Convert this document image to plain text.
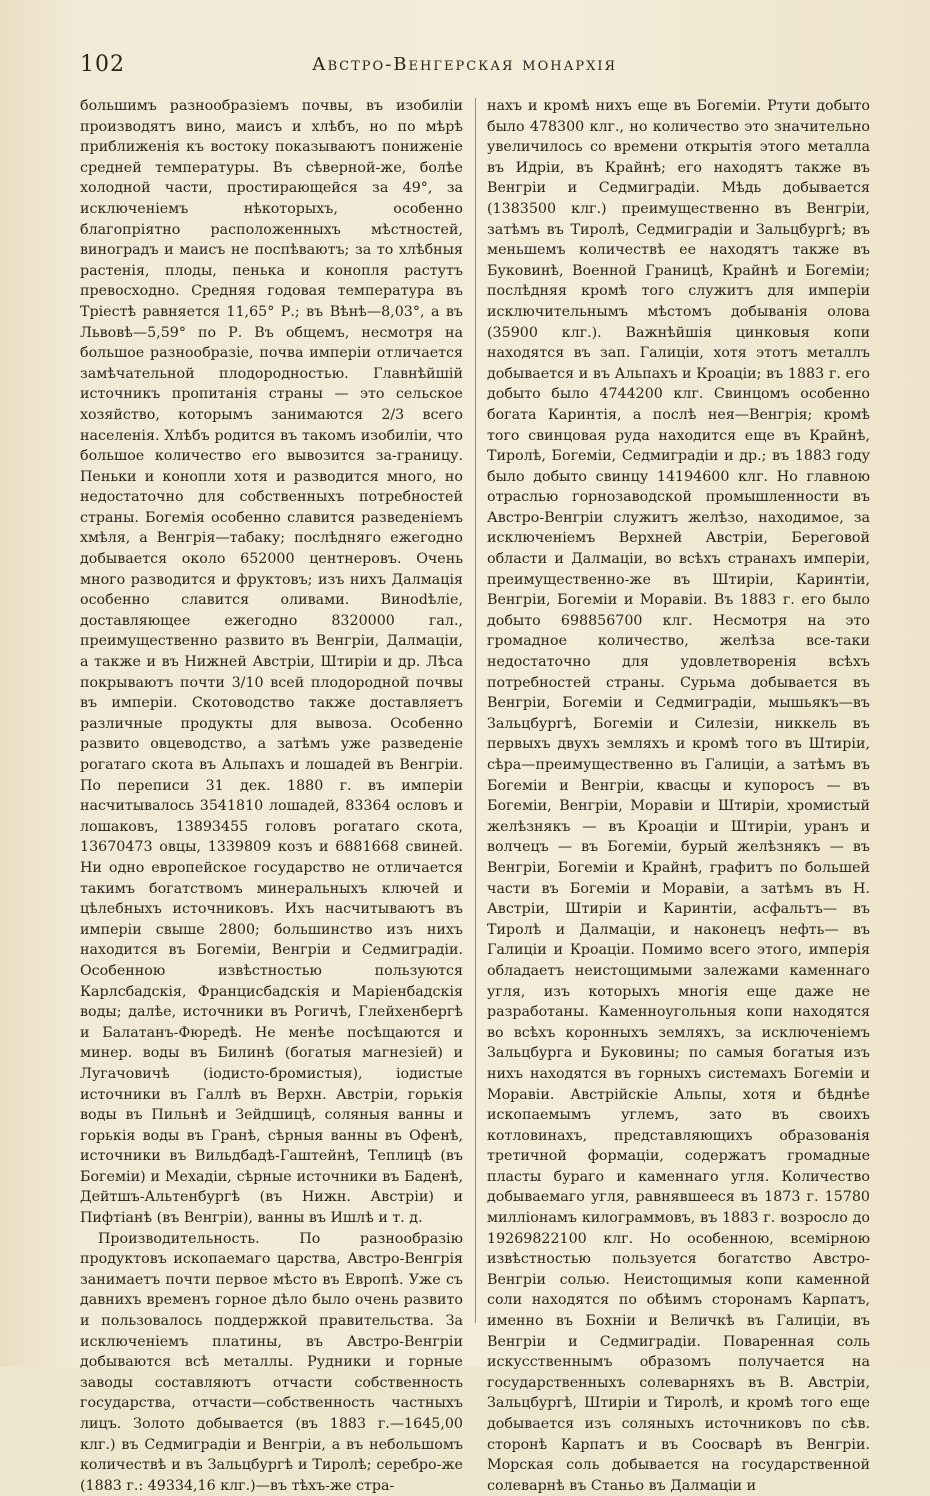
102	Австро-Венгерская монархія

большимъ разнообразіемъ почвы, въ изобиліи производятъ вино, маисъ и хлѣбъ, но по мѣрѣ приближенія къ востоку показываютъ пониженіе средней температуры. Въ сѣверной-же, болѣе холодной части, простирающейся за 49°, за исключеніемъ нѣкоторыхъ, особенно благопріятно расположенныхъ мѣстностей, виноградъ и маисъ не поспѣваютъ; за то хлѣбныя растенія, плоды, пенька и конопля растутъ превосходно. Средняя годовая температура въ Тріестѣ равняется 11,65° Р.; въ Вѣнѣ—8,03°, а въ Львовѣ—5,59° по Р. Въ общемъ, несмотря на большое разнообразіе, почва имперіи отличается замѣчательной плодородностью. Главнѣйшій источникъ пропитанія страны — это сельское хозяйство, которымъ занимаются 2/3 всего населенія. Хлѣбъ родится въ такомъ изобиліи, что большое количество его вывозится за-границу. Пеньки и конопли хотя и разводится много, но недостаточно для собственныхъ потребностей страны. Богемія особенно славится разведеніемъ хмѣля, а Венгрія—табаку; послѣдняго ежегодно добывается около 652000 центнеровъ. Очень много разводится и фруктовъ; изъ нихъ Далмація особенно славится оливами. Виноdѣліе, доставляющее ежегодно 8320000 гал., преимущественно развито въ Венгріи, Далмаціи, а также и въ Нижней Австріи, Штиріи и др. Лѣса покрываютъ почти 3/10 всей плодородной почвы въ имперіи. Скотоводство также доставляетъ различные продукты для вывоза. Особенно развито овцеводство, а затѣмъ уже разведеніе рогатаго скота въ Альпахъ и лошадей въ Венгріи. По переписи 31 дек. 1880 г. въ имперіи насчитывалось 3541810 лошадей, 83364 ословъ и лошаковъ, 13893455 головъ рогатаго скота, 13670473 овцы, 1339809 козъ и 6881668 свиней. Ни одно европейское государство не отличается такимъ богатствомъ минеральныхъ ключей и цѣлебныхъ источниковъ. Ихъ насчитываютъ въ имперіи свыше 2800; большинство изъ нихъ находится въ Богеміи, Венгріи и Седмиградіи. Особенною извѣстностью пользуются Карлсбадскія, Францисбадскія и Маріенбадскія воды; далѣе, источники въ Рогичѣ, Глейхенбергѣ и Балатанъ-Фюредѣ. Не менѣе посѣщаются и минер. воды въ Билинѣ (богатыя магнезіей) и Лугачовичѣ (іодисто-бромистыя), іодистые источники въ Галлѣ въ Верхн. Австріи, горькія воды въ Пильнѣ и Зейдшицѣ, соляныя ванны и горькія воды въ Гранѣ, сѣрныя ванны въ Офенѣ, источники въ Вильдбадѣ-Гаштейнѣ, Теплицѣ (въ Богеміи) и Мехадіи, сѣрные источники въ Баденѣ, Дейтшъ-Альтенбургѣ (въ Нижн. Австріи) и Пифтіанѣ (въ Венгріи), ванны въ Ишлѣ и т. д.

Производительность. По разнообразію продуктовъ ископаемаго царства, Австро-Венгрія занимаетъ почти первое мѣсто въ Европѣ. Уже съ давнихъ временъ горное дѣло было очень развито и пользовалось поддержкой правительства. За исключеніемъ платины, въ Австро-Венгріи добываются всѣ металлы. Рудники и горные заводы составляютъ отчасти собственность государства, отчасти—собственность частныхъ лицъ. Золото добывается (въ 1883 г.—1645,00 клг.) въ Седмиградіи и Венгріи, а въ небольшомъ количествѣ и въ Зальцбургѣ и Тиролѣ; серебро-же (1883 г.: 49334,16 клг.)—въ тѣхъ-же стра-

нахъ и кромѣ нихъ еще въ Богеміи. Ртути добыто было 478300 клг., но количество это значительно увеличилось со времени открытія этого металла въ Идріи, въ Крайнѣ; его находятъ также въ Венгріи и Седмиградіи. Мѣдь добывается (1383500 клг.) преимущественно въ Венгріи, затѣмъ въ Тиролѣ, Седмиградіи и Зальцбургѣ; въ меньшемъ количествѣ ее находятъ также въ Буковинѣ, Военной Границѣ, Крайнѣ и Богеміи; послѣдняя кромѣ того служитъ для имперіи исключительнымъ мѣстомъ добыванія олова (35900 клг.). Важнѣйшія цинковыя копи находятся въ зап. Галиціи, хотя этотъ металлъ добывается и въ Альпахъ и Кроаціи; въ 1883 г. его добыто было 4744200 клг. Свинцомъ особенно богата Каринтія, а послѣ нея—Венгрія; кромѣ того свинцовая руда находится еще въ Крайнѣ, Тиролѣ, Богеміи, Седмиградіи и др.; въ 1883 году было добыто свинцу 14194600 клг. Но главною отраслью горнозаводской промышленности въ Австро-Венгріи служитъ желѣзо, находимое, за исключеніемъ Верхней Австріи, Береговой области и Далмаціи, во всѣхъ странахъ имперіи, преимущественно-же въ Штиріи, Каринтіи, Венгріи, Богеміи и Моравіи. Въ 1883 г. его было добыто 698856700 клг. Несмотря на это громадное количество, желѣза все-таки недостаточно для удовлетворенія всѣхъ потребностей страны. Сурьма добывается въ Венгріи, Богеміи и Седмиградіи, мышьякъ—въ Зальцбургѣ, Богеміи и Силезіи, никкель въ первыхъ двухъ земляхъ и кромѣ того въ Штиріи, сѣра—преимущественно въ Галиціи, а затѣмъ въ Богеміи и Венгріи, квасцы и купоросъ — въ Богеміи, Венгріи, Моравіи и Штиріи, хромистый желѣзнякъ — въ Кроаціи и Штиріи, уранъ и волчецъ — въ Богеміи, бурый желѣзнякъ — въ Венгріи, Богеміи и Крайнѣ, графитъ по большей части въ Богеміи и Моравіи, а затѣмъ въ Н. Австріи, Штиріи и Каринтіи, асфальтъ— въ Тиролѣ и Далмаціи, и наконецъ нефть— въ Галиціи и Кроаціи. Помимо всего этого, имперія обладаетъ неистощимыми залежами каменнаго угля, изъ которыхъ многія еще даже не разработаны. Каменноугольныя копи находятся во всѣхъ коронныхъ земляхъ, за исключеніемъ Зальцбурга и Буковины; по самыя богатыя изъ нихъ находятся въ горныхъ системахъ Богеміи и Моравіи. Австрійскіе Альпы, хотя и бѣднѣе ископаемымъ углемъ, зато въ своихъ котловинахъ, представляющихъ образованія третичной формаціи, содержатъ громадные пласты бураго и каменнаго угля. Количество добываемаго угля, равнявшееся въ 1873 г. 15780 милліонамъ килограммовъ, въ 1883 г. возросло до 19269822100 клг. Но особенною, всемірною извѣстностью пользуется богатство Австро-Венгріи солью. Неистощимыя копи каменной соли находятся по обѣимъ сторонамъ Карпатъ, именно въ Бохніи и Величкѣ въ Галиціи, въ Венгріи и Седмиградіи. Поваренная соль искусственнымъ образомъ получается на государственныхъ солеварняхъ въ В. Австріи, Зальцбургѣ, Штиріи и Тиролѣ, и кромѣ того еще добывается изъ соляныхъ источниковъ по сѣв. сторонѣ Карпатъ и въ Соосварѣ въ Венгріи. Морская соль добывается на государственной солеварнѣ въ Станьо въ Далмаціи и
